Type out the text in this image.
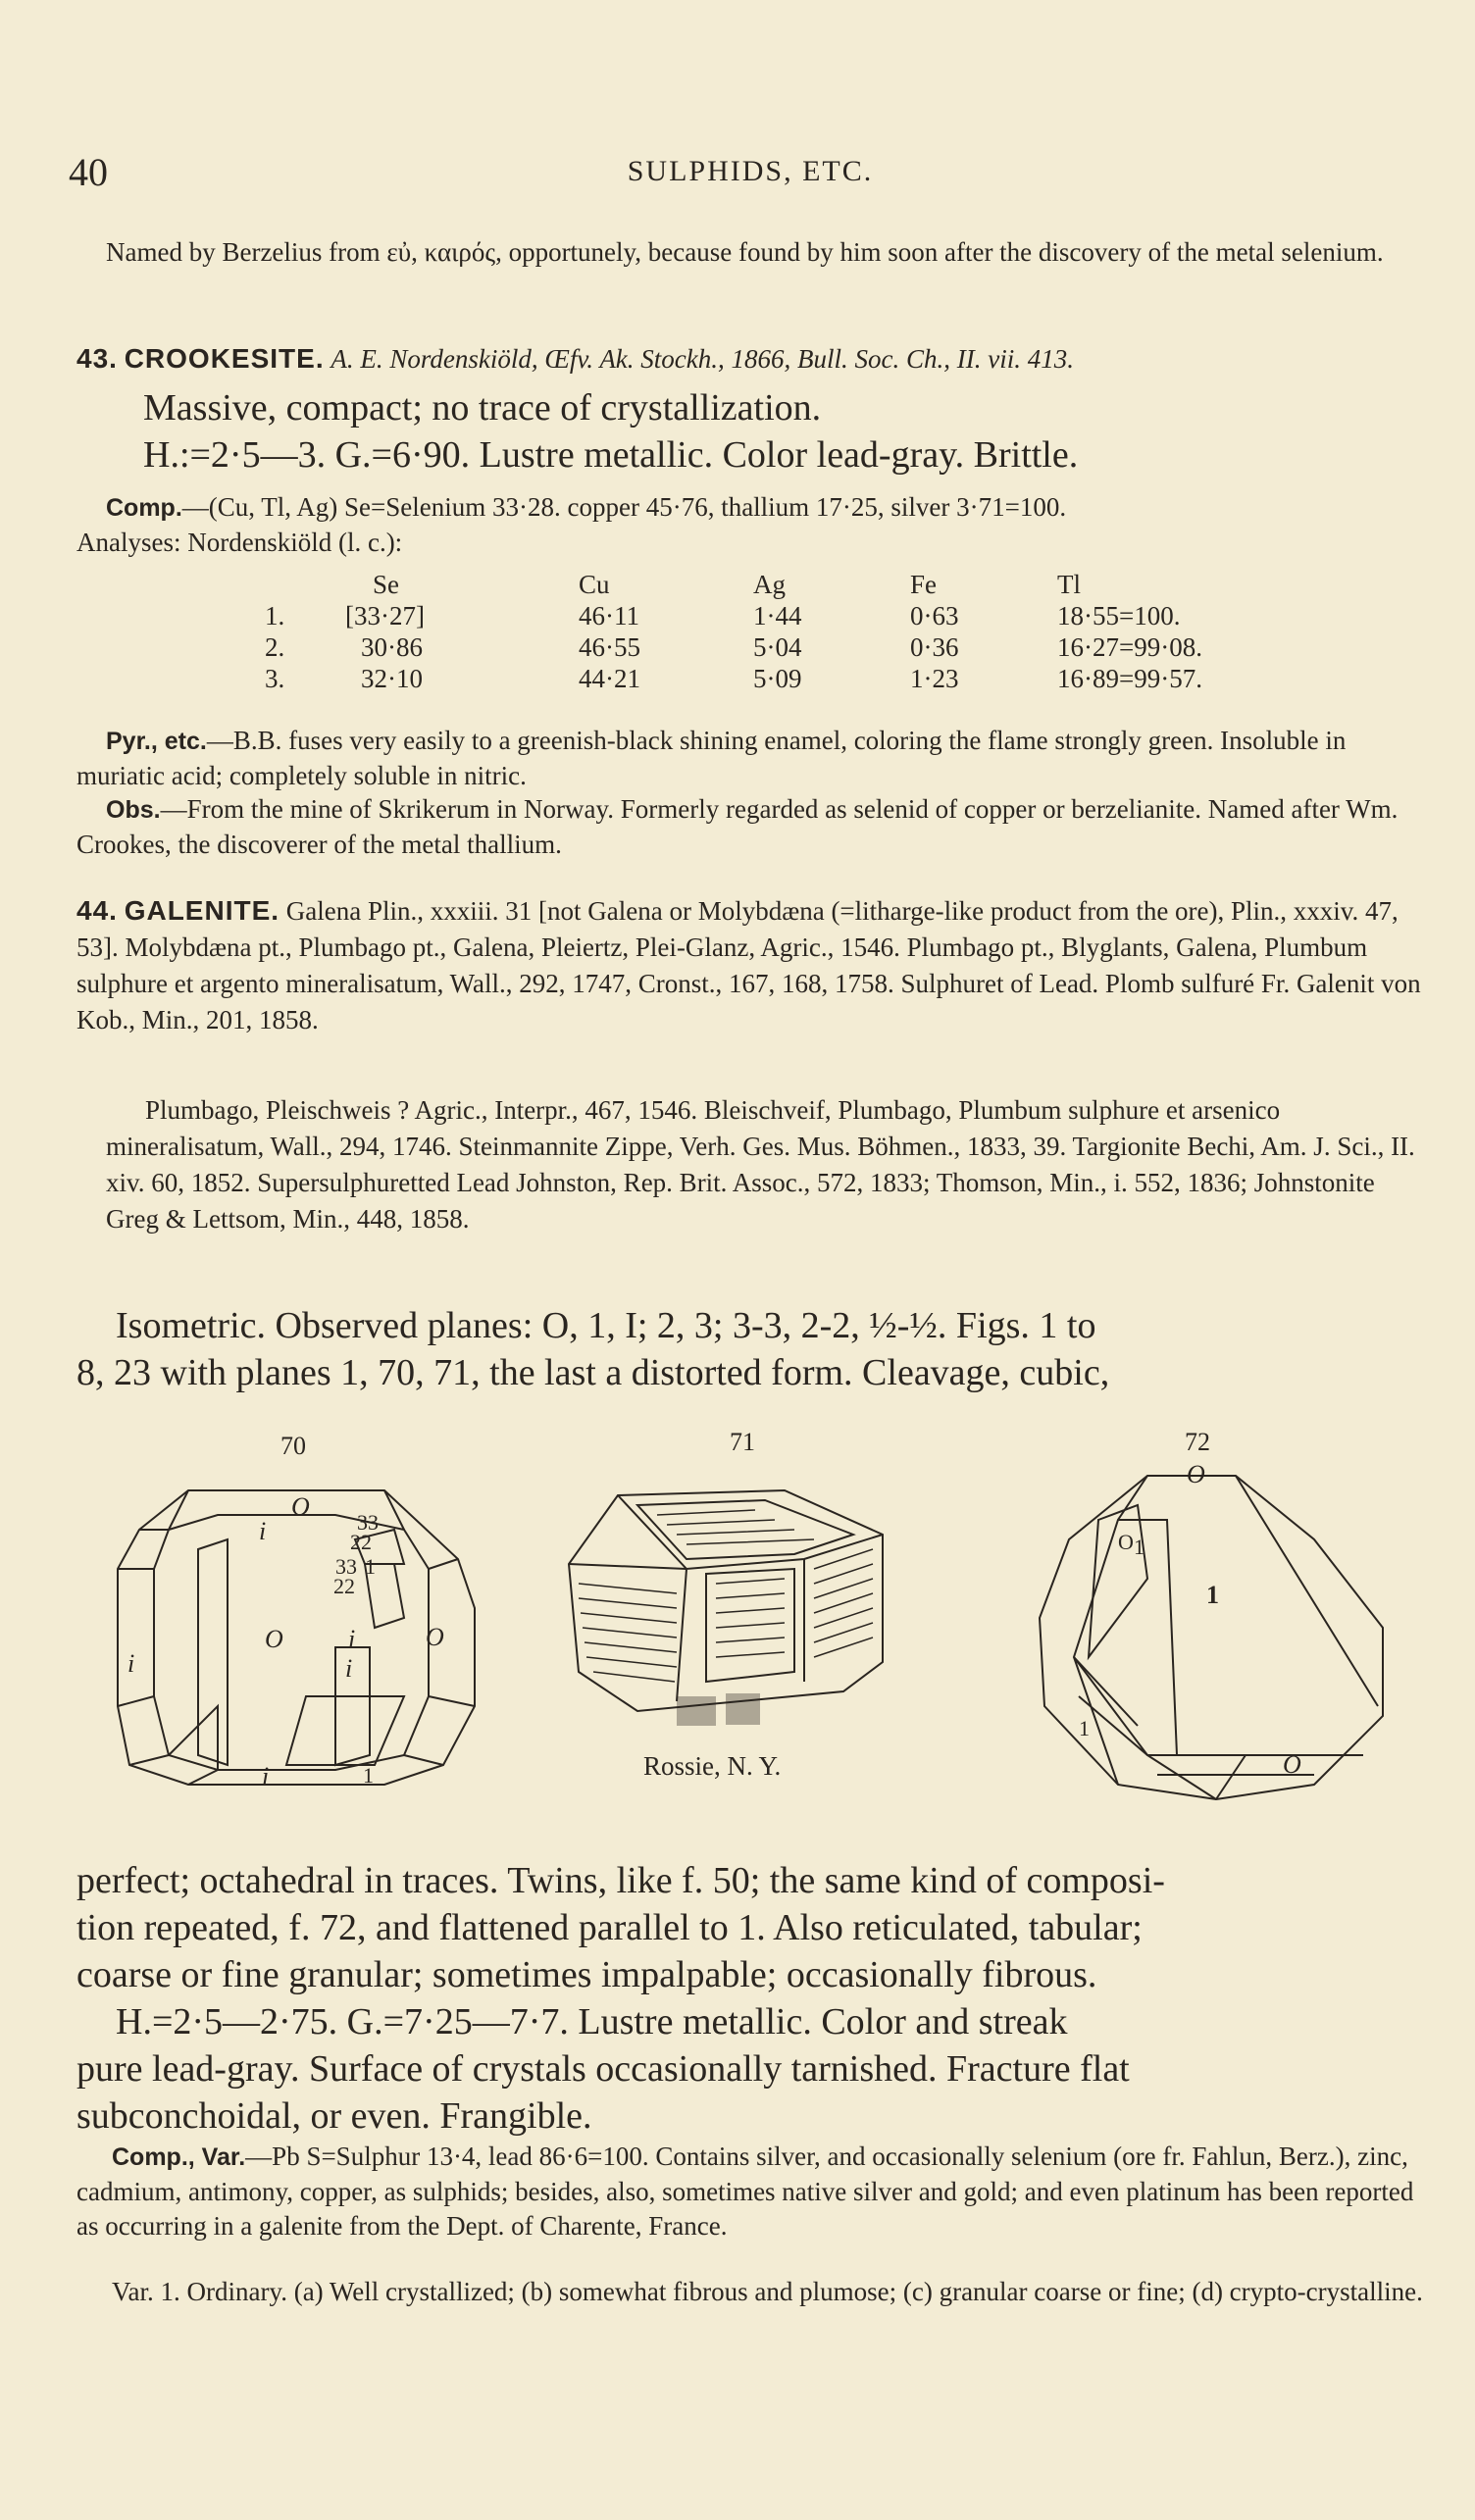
40	SULPHIDS, ETC.

Named by Berzelius from εὐ, καιρός, opportunely, because found by him soon after the discovery of the metal selenium.

43. CROOKESITE. A. E. Nordenskiöld, Œfv. Ak. Stockh., 1866, Bull. Soc. Ch., II. vii. 413.

Massive, compact; no trace of crystallization.

H.:=2·5—3. G.=6·90. Lustre metallic. Color lead-gray. Brittle.

Comp.—(Cu, Tl, Ag) Se=Selenium 33·28. copper 45·76, thallium 17·25, silver 3·71=100.

Analyses: Nordenskiöld (l. c.):

	Se	Cu	Ag	Fe	Tl
1.	[33·27]	46·11	1·44	0·63	18·55=100.
2.	30·86	46·55	5·04	0·36	16·27=99·08.
3.	32·10	44·21	5·09	1·23	16·89=99·57.

Pyr., etc.—B.B. fuses very easily to a greenish-black shining enamel, coloring the flame strongly green. Insoluble in muriatic acid; completely soluble in nitric.

Obs.—From the mine of Skrikerum in Norway. Formerly regarded as selenid of copper or berzelianite. Named after Wm. Crookes, the discoverer of the metal thallium.

44. GALENITE. Galena Plin., xxxiii. 31 [not Galena or Molybdæna (=litharge-like product from the ore), Plin., xxxiv. 47, 53]. Molybdæna pt., Plumbago pt., Galena, Pleiertz, Plei-Glanz, Agric., 1546. Plumbago pt., Blyglants, Galena, Plumbum sulphure et argento mineralisatum, Wall., 292, 1747, Cronst., 167, 168, 1758. Sulphuret of Lead. Plomb sulfuré Fr. Galenit von Kob., Min., 201, 1858.

Plumbago, Pleischweis ? Agric., Interpr., 467, 1546. Bleischveif, Plumbago, Plumbum sulphure et arsenico mineralisatum, Wall., 294, 1746. Steinmannite Zippe, Verh. Ges. Mus. Böhmen., 1833, 39. Targionite Bechi, Am. J. Sci., II. xiv. 60, 1852. Supersulphuretted Lead Johnston, Rep. Brit. Assoc., 572, 1833; Thomson, Min., i. 552, 1836; Johnstonite Greg & Lettsom, Min., 448, 1858.

Isometric. Observed planes: O, 1, I; 2, 3; 3-3, 2-2, ½-½. Figs. 1 to

8, 23 with planes 1, 70, 71, the last a distorted form. Cleavage, cubic,

70	71	72
O
i	33
22
33 1
22
O	i	O
i
i	1
i
Rossie, N. Y.
O
O
O 1
1
1
perfect; octahedral in traces. Twins, like f. 50; the same kind of composi-
tion repeated, f. 72, and flattened parallel to 1. Also reticulated, tabular;
coarse or fine granular; sometimes impalpable; occasionally fibrous.
H.=2·5—2·75. G.=7·25—7·7. Lustre metallic. Color and streak
pure lead-gray. Surface of crystals occasionally tarnished. Fracture flat
subconchoidal, or even. Frangible.

Comp., Var.—Pb S=Sulphur 13·4, lead 86·6=100. Contains silver, and occasionally selenium (ore fr. Fahlun, Berz.), zinc, cadmium, antimony, copper, as sulphids; besides, also, sometimes native silver and gold; and even platinum has been reported as occurring in a galenite from the Dept. of Charente, France.

Var. 1. Ordinary. (a) Well crystallized; (b) somewhat fibrous and plumose; (c) granular coarse or fine; (d) crypto-crystalline.
